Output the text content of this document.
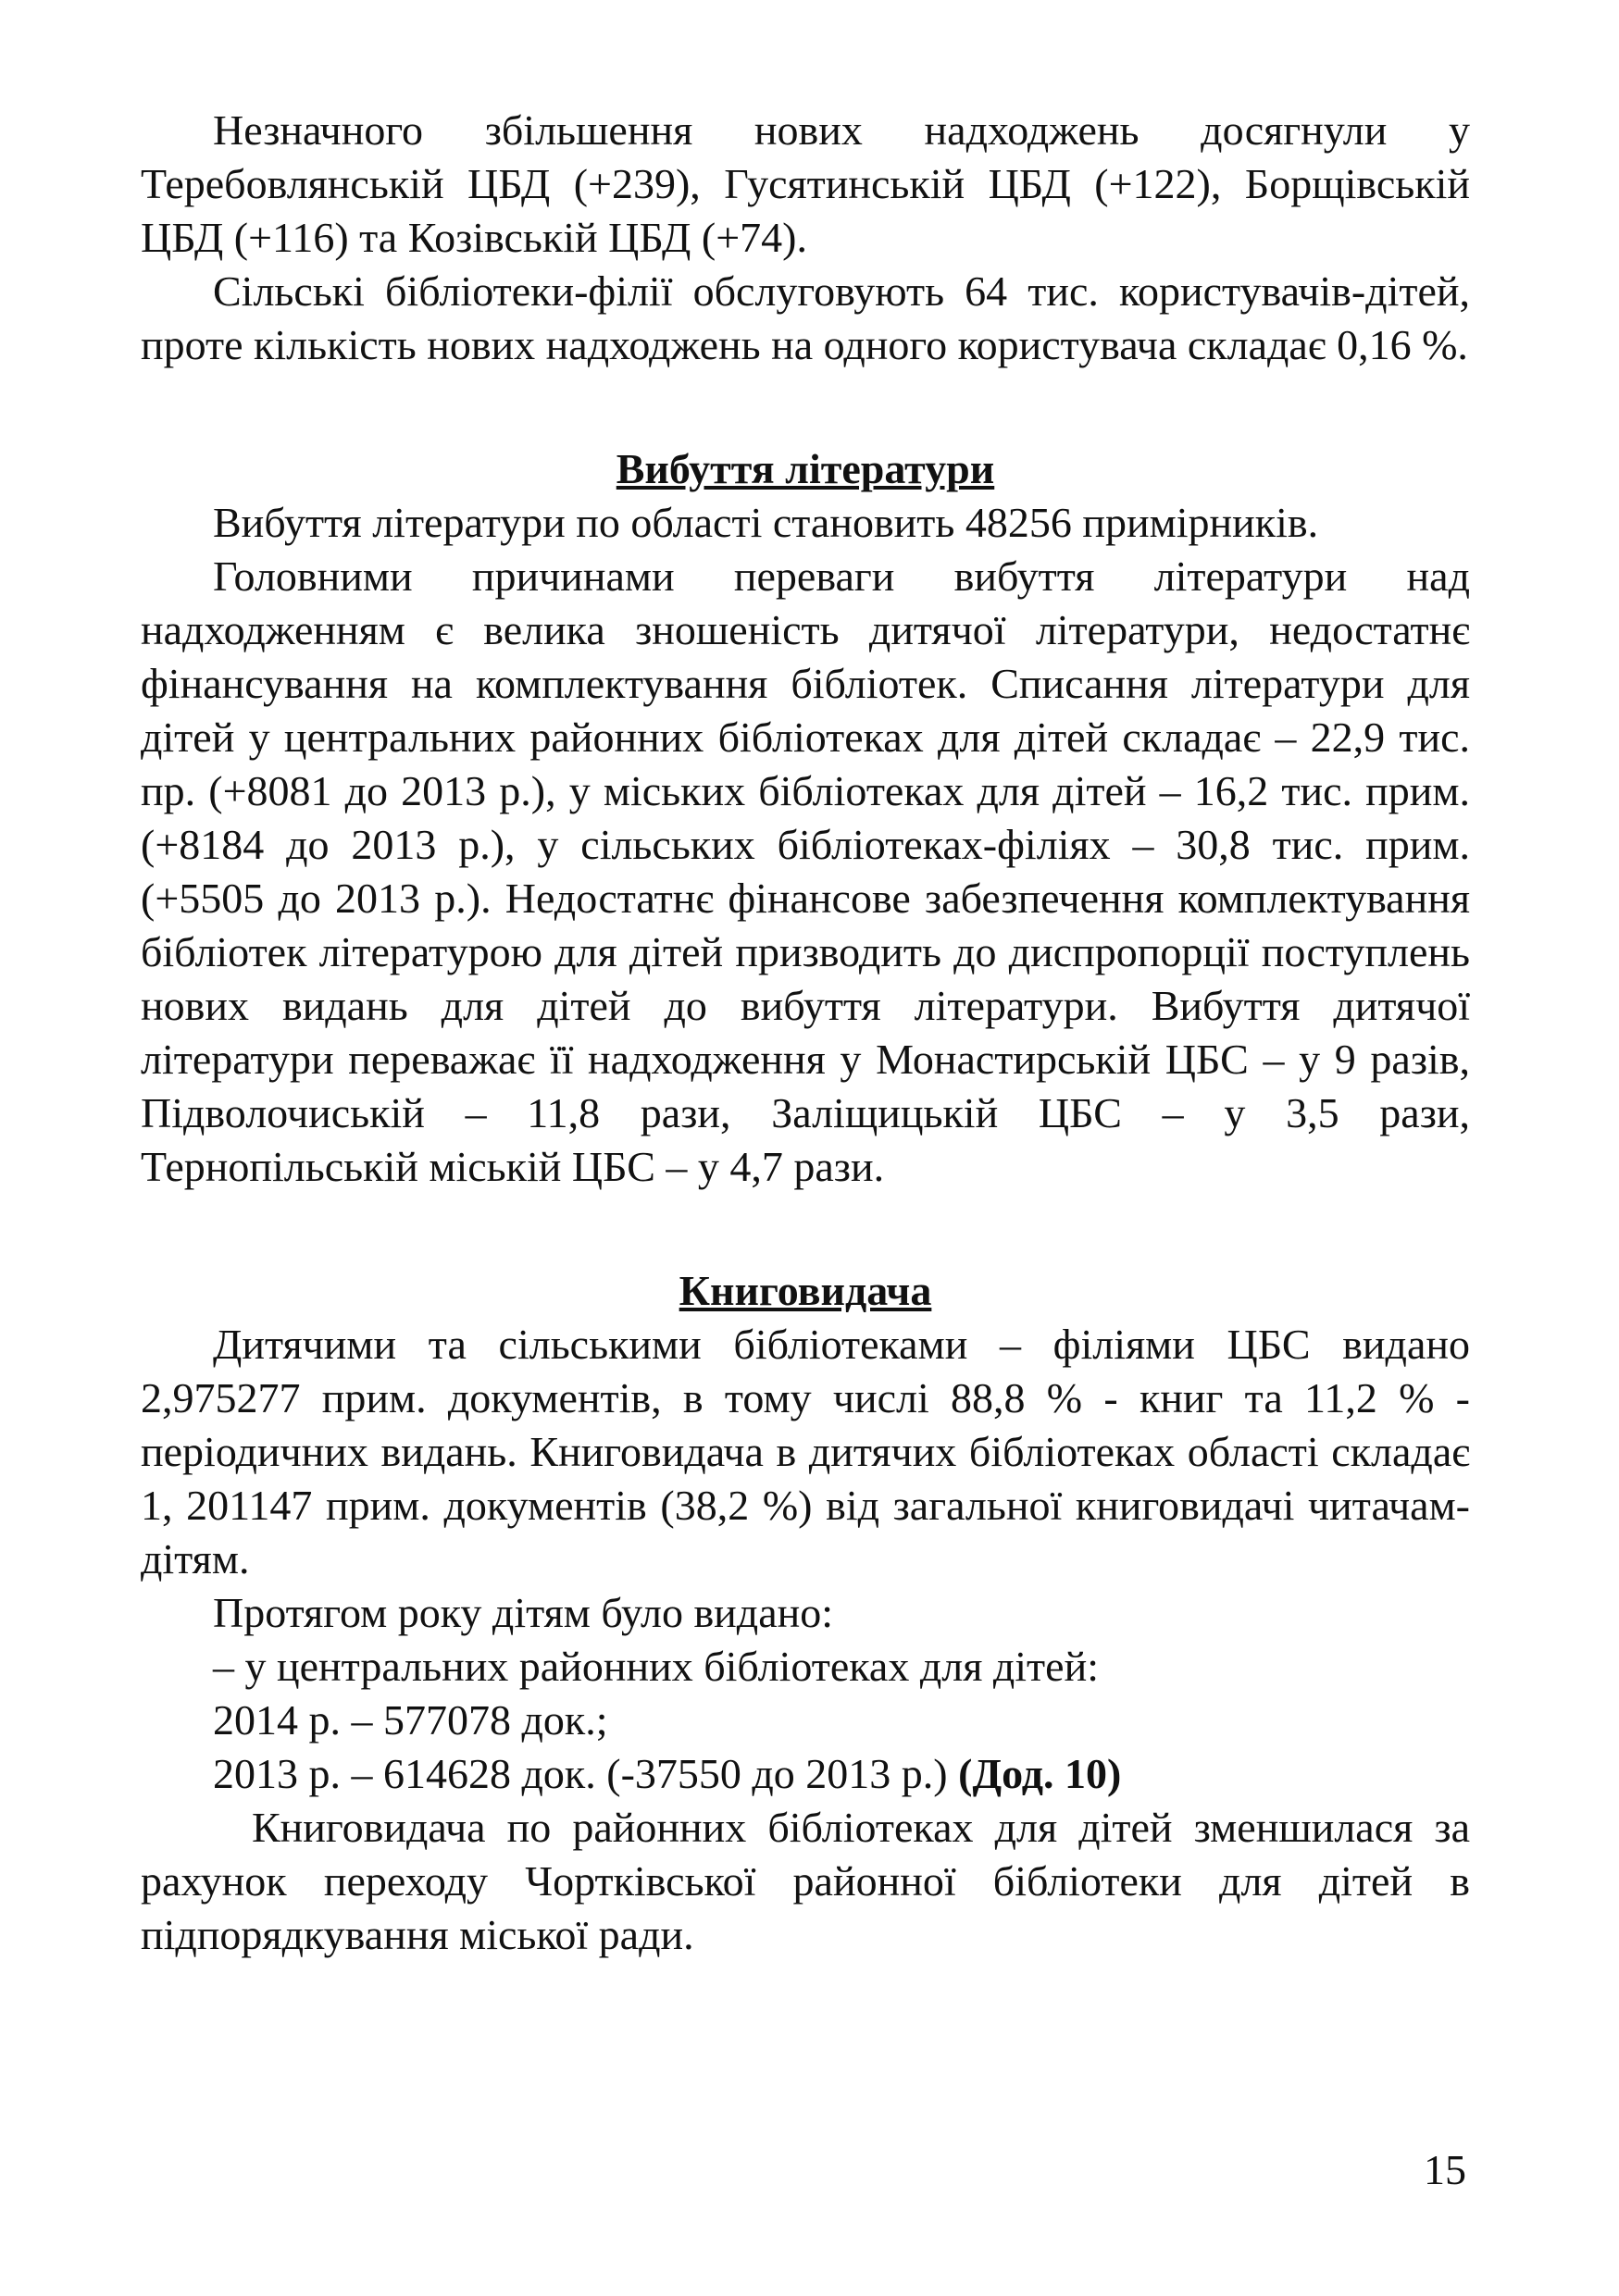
Незначного збільшення нових надходжень досягнули у Теребовлянській ЦБД (+239), Гусятинській ЦБД (+122), Борщівській ЦБД (+116) та Козівській ЦБД (+74).

Сільські бібліотеки-філії обслуговують 64 тис. користувачів-дітей, проте кількість нових надходжень на одного користувача складає 0,16 %.

Вибуття літератури

Вибуття літератури по області становить 48256 примірників.

Головними причинами переваги вибуття літератури над надходженням є велика зношеність дитячої літератури, недостатнє фінансування на комплектування бібліотек. Списання літератури для дітей у центральних районних бібліотеках для дітей складає – 22,9 тис. пр. (+8081 до 2013 р.), у міських бібліотеках для дітей – 16,2 тис. прим. (+8184 до 2013 р.), у сільських бібліотеках-філіях – 30,8 тис. прим. (+5505 до 2013 р.). Недостатнє фінансове забезпечення комплектування бібліотек літературою для дітей призводить до диспропорції поступлень нових видань для дітей до вибуття літератури. Вибуття дитячої літератури переважає її надходження у Монастирській ЦБС – у 9 разів, Підволочиській – 11,8 рази, Заліщицькій ЦБС – у 3,5 рази, Тернопільській міській ЦБС – у 4,7 рази.

Книговидача

Дитячими та сільськими бібліотеками – філіями ЦБС видано 2,975277 прим. документів, в тому числі 88,8 % - книг та 11,2 % - періодичних видань. Книговидача в дитячих бібліотеках області складає 1, 201147 прим. документів (38,2 %) від загальної книговидачі читачам-дітям.

Протягом року дітям було видано:

– у центральних районних бібліотеках для дітей:

2014 р. – 577078 док.;

2013 р. – 614628 док. (-37550 до 2013 р.) (Дод. 10)

Книговидача по районних бібліотеках для дітей зменшилася за рахунок переходу Чортківської районної бібліотеки для дітей в підпорядкування міської ради.

15
